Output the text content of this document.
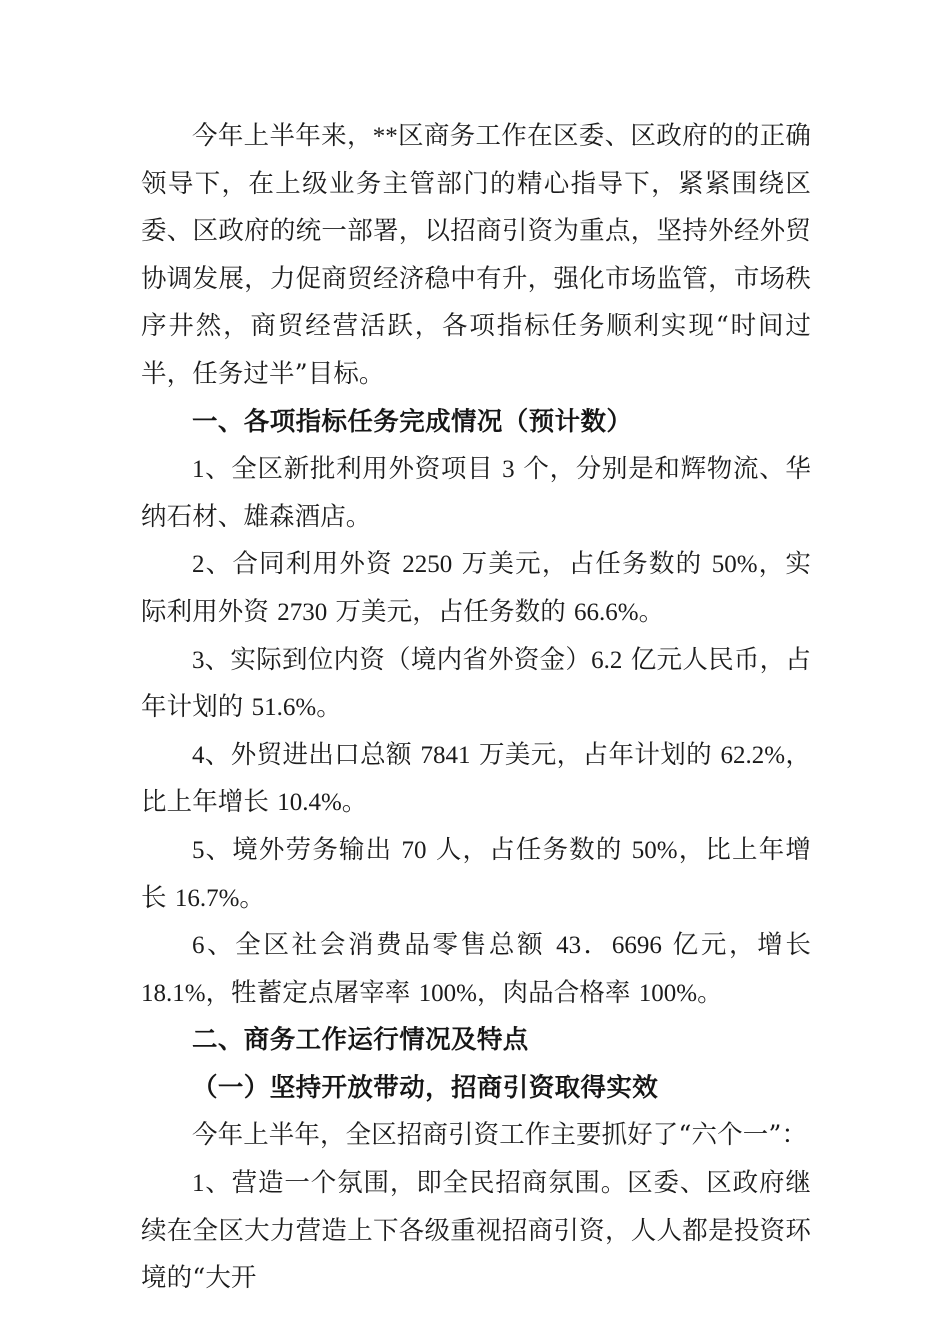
今年上半年来，**区商务工作在区委、区政府的的正确领导下，在上级业务主管部门的精心指导下，紧紧围绕区委、区政府的统一部署，以招商引资为重点，坚持外经外贸协调发展，力促商贸经济稳中有升，强化市场监管，市场秩序井然，商贸经营活跃，各项指标任务顺利实现“时间过半，任务过半”目标。

一、各项指标任务完成情况（预计数）

1、全区新批利用外资项目 3 个，分别是和辉物流、华纳石材、雄森酒店。

2、合同利用外资 2250 万美元，占任务数的 50%，实际利用外资 2730 万美元，占任务数的 66.6%。

3、实际到位内资（境内省外资金）6.2 亿元人民币，占年计划的 51.6%。

4、外贸进出口总额 7841 万美元，占年计划的 62.2%，比上年增长 10.4%。

5、境外劳务输出 70 人，占任务数的 50%，比上年增长 16.7%。

6、全区社会消费品零售总额 43．6696 亿元，增长 18.1%，牲蓄定点屠宰率 100%，肉品合格率 100%。

二、商务工作运行情况及特点

（一）坚持开放带动，招商引资取得实效

今年上半年，全区招商引资工作主要抓好了“六个一”：

1、营造一个氛围，即全民招商氛围。区委、区政府继续在全区大力营造上下各级重视招商引资，人人都是投资环境的“大开
